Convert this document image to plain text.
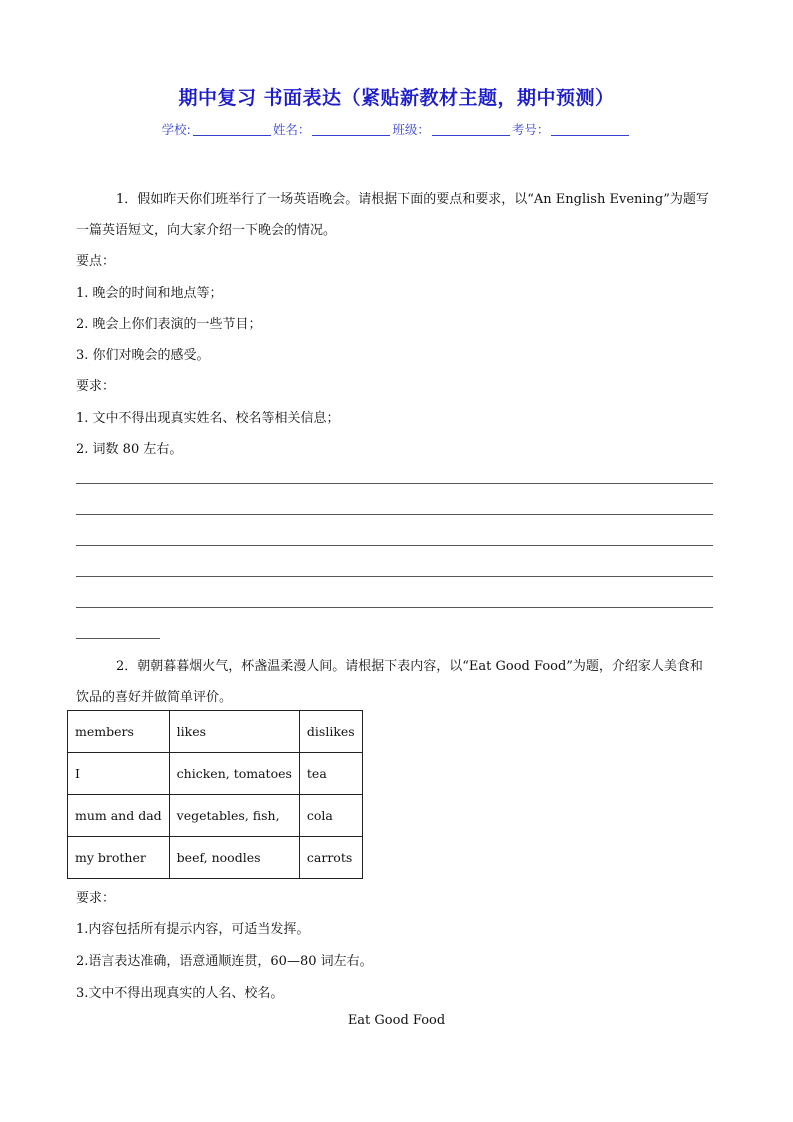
期中复习 书面表达（紧贴新教材主题，期中预测）
学校:	姓名：	班级：	考号：
1．假如昨天你们班举行了一场英语晚会。请根据下面的要点和要求，以“An English Evening”为题写
一篇英语短文，向大家介绍一下晚会的情况。
要点：
1. 晚会的时间和地点等；
2. 晚会上你们表演的一些节目；
3. 你们对晚会的感受。
要求：
1. 文中不得出现真实姓名、校名等相关信息；
2. 词数 80 左右。
2．朝朝暮暮烟火气，杯盏温柔漫人间。请根据下表内容，以“Eat Good Food”为题，介绍家人美食和
饮品的喜好并做简单评价。
members	likes	dislikes
I	chicken, tomatoes	tea
mum and dad	vegetables, fish,	cola
my brother	beef, noodles	carrots
要求：
1.内容包括所有提示内容，可适当发挥。
2.语言表达准确，语意通顺连贯，60—80 词左右。
3.文中不得出现真实的人名、校名。
Eat Good Food
